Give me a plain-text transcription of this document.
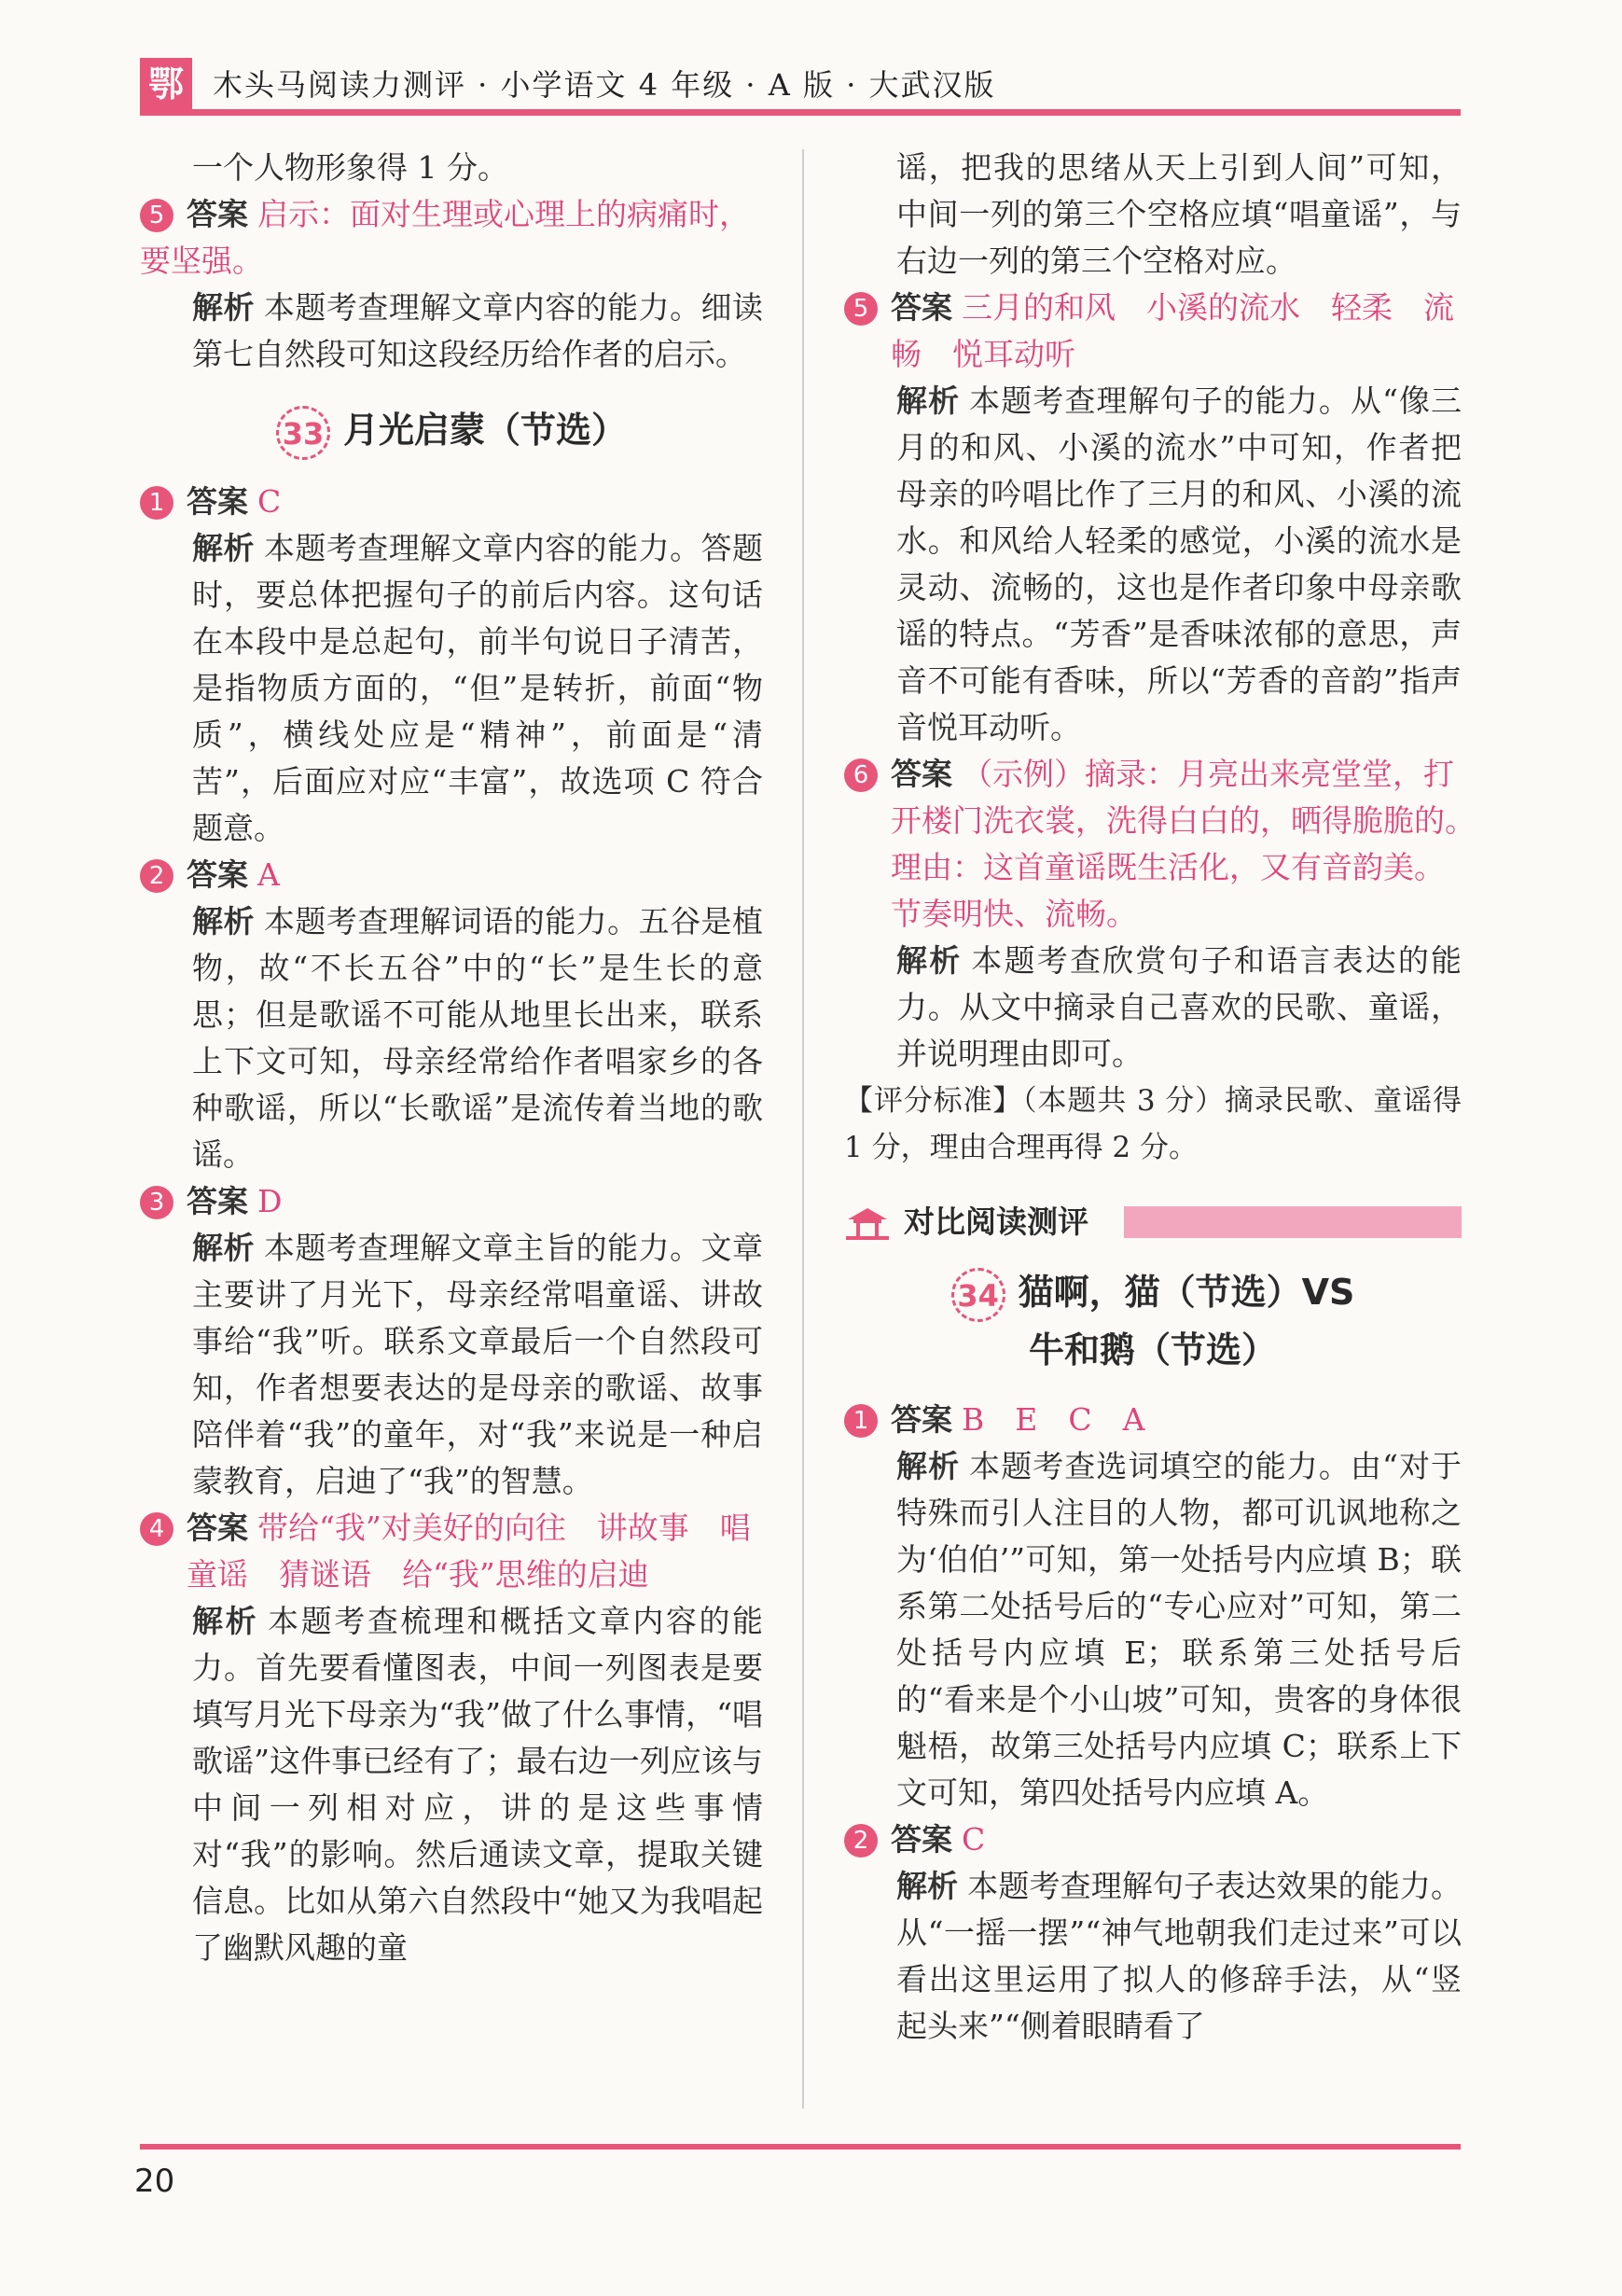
鄂 木头马阅读力测评 · 小学语文 4 年级 · A 版 · 大武汉版

一个人物形象得 1 分。

5 答案 启示：面对生理或心理上的病痛时，要坚强。

解析 本题考查理解文章内容的能力。细读第七自然段可知这段经历给作者的启示。

33 月光启蒙（节选）
1 答案 C

解析 本题考查理解文章内容的能力。答题时，要总体把握句子的前后内容。这句话在本段中是总起句，前半句说日子清苦，是指物质方面的，“但”是转折，前面“物质”，横线处应是“精神”，前面是“清苦”，后面应对应“丰富”，故选项 C 符合题意。

2 答案 A

解析 本题考查理解词语的能力。五谷是植物，故“不长五谷”中的“长”是生长的意思；但是歌谣不可能从地里长出来，联系上下文可知，母亲经常给作者唱家乡的各种歌谣，所以“长歌谣”是流传着当地的歌谣。

3 答案 D

解析 本题考查理解文章主旨的能力。文章主要讲了月光下，母亲经常唱童谣、讲故事给“我”听。联系文章最后一个自然段可知，作者想要表达的是母亲的歌谣、故事陪伴着“我”的童年，对“我”来说是一种启蒙教育，启迪了“我”的智慧。

4 答案 带给“我”对美好的向往　讲故事　唱童谣　猜谜语　给“我”思维的启迪

解析 本题考查梳理和概括文章内容的能力。首先要看懂图表，中间一列图表是要填写月光下母亲为“我”做了什么事情，“唱歌谣”这件事已经有了；最右边一列应该与中间一列相对应，讲的是这些事情对“我”的影响。然后通读文章，提取关键信息。比如从第六自然段中“她又为我唱起了幽默风趣的童

谣，把我的思绪从天上引到人间”可知，中间一列的第三个空格应填“唱童谣”，与右边一列的第三个空格对应。

5 答案 三月的和风　小溪的流水　轻柔　流畅　悦耳动听

解析 本题考查理解句子的能力。从“像三月的和风、小溪的流水”中可知，作者把母亲的吟唱比作了三月的和风、小溪的流水。和风给人轻柔的感觉，小溪的流水是灵动、流畅的，这也是作者印象中母亲歌谣的特点。“芳香”是香味浓郁的意思，声音不可能有香味，所以“芳香的音韵”指声音悦耳动听。

6 答案 （示例）摘录：月亮出来亮堂堂，打开楼门洗衣裳，洗得白白的，晒得脆脆的。　理由：这首童谣既生活化，又有音韵美。节奏明快、流畅。

解析 本题考查欣赏句子和语言表达的能力。从文中摘录自己喜欢的民歌、童谣，并说明理由即可。

【评分标准】（本题共 3 分）摘录民歌、童谣得 1 分，理由合理再得 2 分。

对比阅读测评
34 猫啊，猫（节选）VS
牛和鹅（节选）
1 答案 B　E　C　A

解析 本题考查选词填空的能力。由“对于特殊而引人注目的人物，都可讥讽地称之为‘伯伯’”可知，第一处括号内应填 B；联系第二处括号后的“专心应对”可知，第二处括号内应填 E；联系第三处括号后的“看来是个小山坡”可知，贵客的身体很魁梧，故第三处括号内应填 C；联系上下文可知，第四处括号内应填 A。

2 答案 C

解析 本题考查理解句子表达效果的能力。从“一摇一摆”“神气地朝我们走过来”可以看出这里运用了拟人的修辞手法，从“竖起头来”“侧着眼睛看了

20
